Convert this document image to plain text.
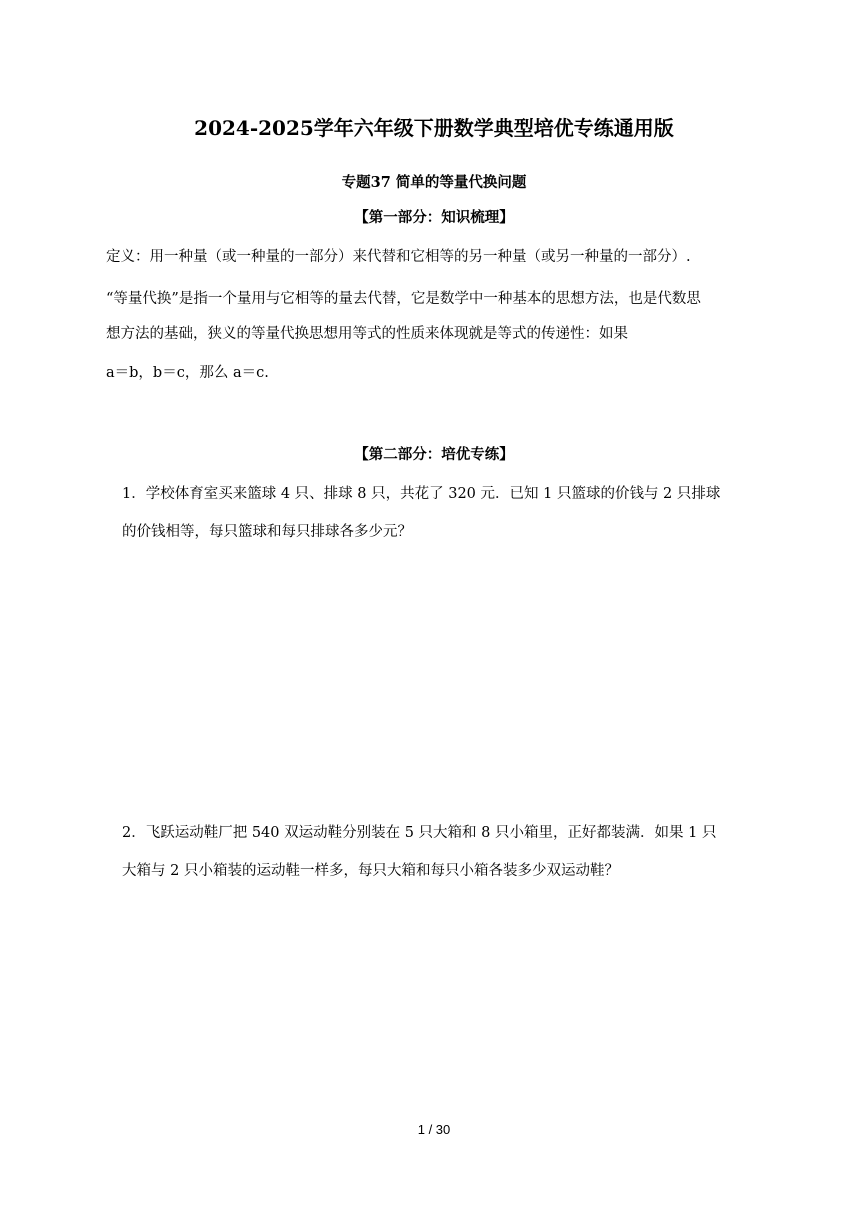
2024-2025学年六年级下册数学典型培优专练通用版
专题37 简单的等量代换问题
【第一部分：知识梳理】
定义：用一种量（或一种量的一部分）来代替和它相等的另一种量（或另一种量的一部分）.
“等量代换”是指一个量用与它相等的量去代替，它是数学中一种基本的思想方法，也是代数思
想方法的基础，狭义的等量代换思想用等式的性质来体现就是等式的传递性：如果
a＝b，b＝c，那么 a＝c.
【第二部分：培优专练】
1．学校体育室买来篮球 4 只、排球 8 只，共花了 320 元．已知 1 只篮球的价钱与 2 只排球
的价钱相等，每只篮球和每只排球各多少元？
2．飞跃运动鞋厂把 540 双运动鞋分别装在 5 只大箱和 8 只小箱里，正好都装满．如果 1 只
大箱与 2 只小箱装的运动鞋一样多，每只大箱和每只小箱各装多少双运动鞋？
1 / 30
